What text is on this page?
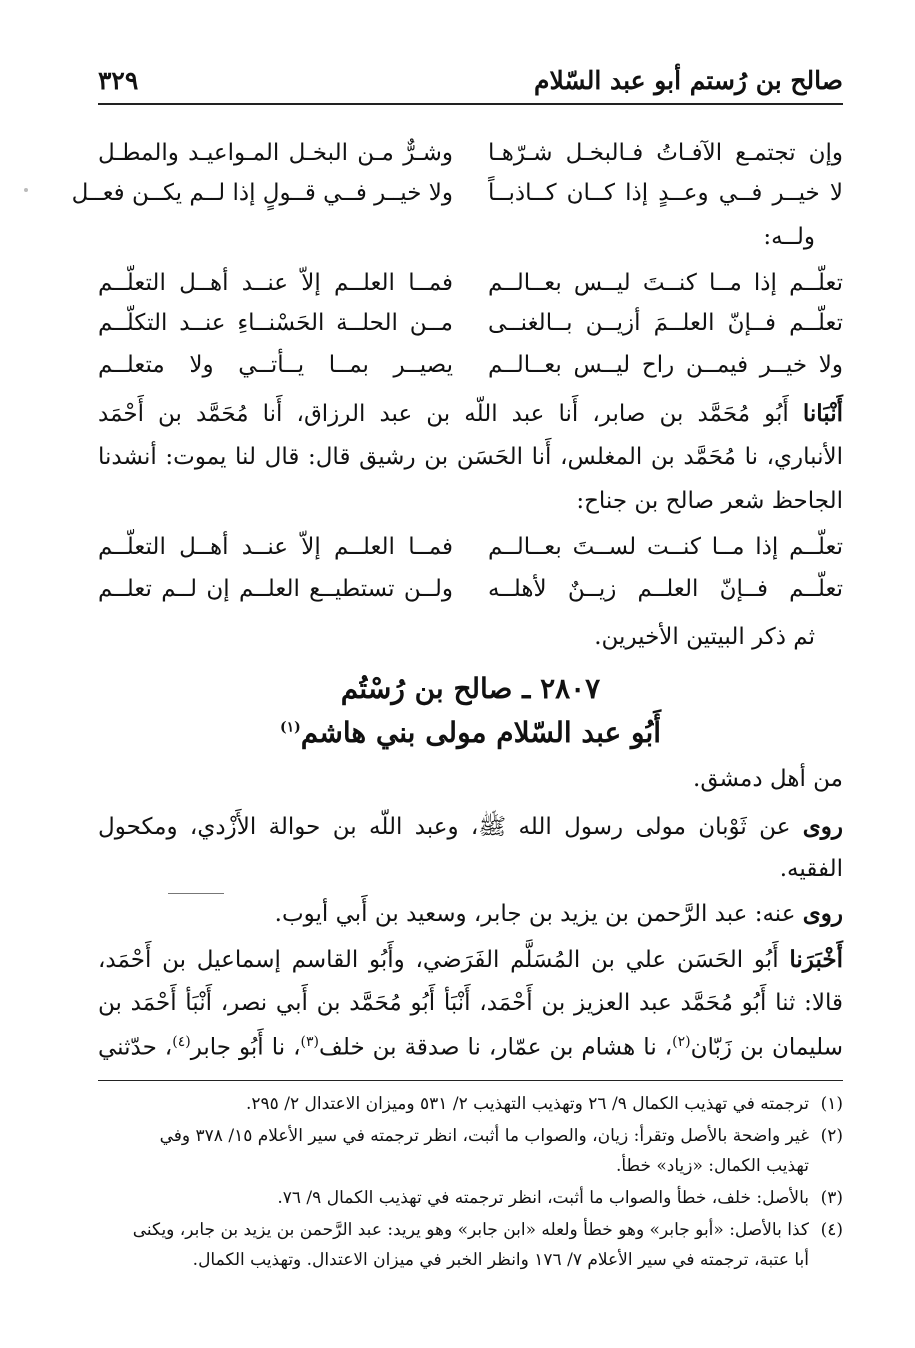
صالح بن رُستم أبو عبد السّلام
٣٢٩
وإن تجتمـع الآفـاتُ فـالبخـل شـرّهـا
وشـرٌّ مـن البخـل المـواعيـد والمطـل
لا خيــر فــي وعــدٍ إذا كــان كــاذبــاً
ولا خيــر فــي قــولٍ إذا لــم يكــن فعــل
ولــه:
تعلّــم إذا مــا كنــتَ ليــس بعــالــم
فمــا العلــم إلاّ عنــد أهــل التعلّــم
تعلّــم فــإنّ العلــمَ أزيــن بــالغنــى
مــن الحلــة الحَسْنــاءِ عنــد التكلّــم
ولا خيــر فيمــن راح ليــس بعــالــم
يصيــر بمــا يــأتــي ولا متعلــم
أَنْبَانا أَبُو مُحَمَّد بن صابر، أَنا عبد اللّه بن عبد الرزاق، أَنا مُحَمَّد بن أَحْمَد
الأنباري، نا مُحَمَّد بن المغلس، أَنا الحَسَن بن رشيق قال: قال لنا يموت: أنشدنا
الجاحظ شعر صالح بن جناح:
تعلّــم إذا مــا كنــت لســتَ بعــالــم
فمــا العلــم إلاّ عنــد أهــل التعلّــم
تعلّــم فــإنّ العلــم زيــنٌ لأهلــه
ولــن تستطيــع العلــم إن لــم تعلــم
ثم ذكر البيتين الأخيرين.
٢٨٠٧ ـ صالح بن رُسْتُم
أَبُو عبد السّلام مولى بني هاشم$^{(١)}$
من أهل دمشق.
روى عن ثَوْبان مولى رسول الله ﷺ، وعبد اللّه بن حوالة الأَزْدي، ومكحول
الفقيه.
روى عنه: عبد الرَّحمن بن يزيد بن جابر، وسعيد بن أَبي أيوب.
أَخْبَرَنا أَبُو الحَسَن علي بن المُسَلَّم الفَرَضي، وأَبُو القاسم إسماعيل بن أَحْمَد،
قالا: ثنا أَبُو مُحَمَّد عبد العزيز بن أَحْمَد، أَنْبَأ أَبُو مُحَمَّد بن أَبي نصر، أَنْبَأ أَحْمَد بن
سليمان بن زَبّان$^{(٢)}$، نا هشام بن عمّار، نا صدقة بن خلف$^{(٣)}$، نا أَبُو جابر$^{(٤)}$، حدّثني
(١)
ترجمته في تهذيب الكمال ٩/ ٢٦ وتهذيب التهذيب ٢/ ٥٣١ وميزان الاعتدال ٢/ ٢٩٥.
(٢)
غير واضحة بالأصل وتقرأ: زيان، والصواب ما أثبت، انظر ترجمته في سير الأعلام ١٥/ ٣٧٨ وفي
تهذيب الكمال: «زياد» خطأ.
(٣)
بالأصل: خلف، خطأ والصواب ما أثبت، انظر ترجمته في تهذيب الكمال ٩/ ٧٦.
(٤)
كذا بالأصل: «أبو جابر» وهو خطأ ولعله «ابن جابر» وهو يريد: عبد الرَّحمن بن يزيد بن جابر، ويكنى
أبا عتبة، ترجمته في سير الأعلام ٧/ ١٧٦ وانظر الخبر في ميزان الاعتدال. وتهذيب الكمال.
